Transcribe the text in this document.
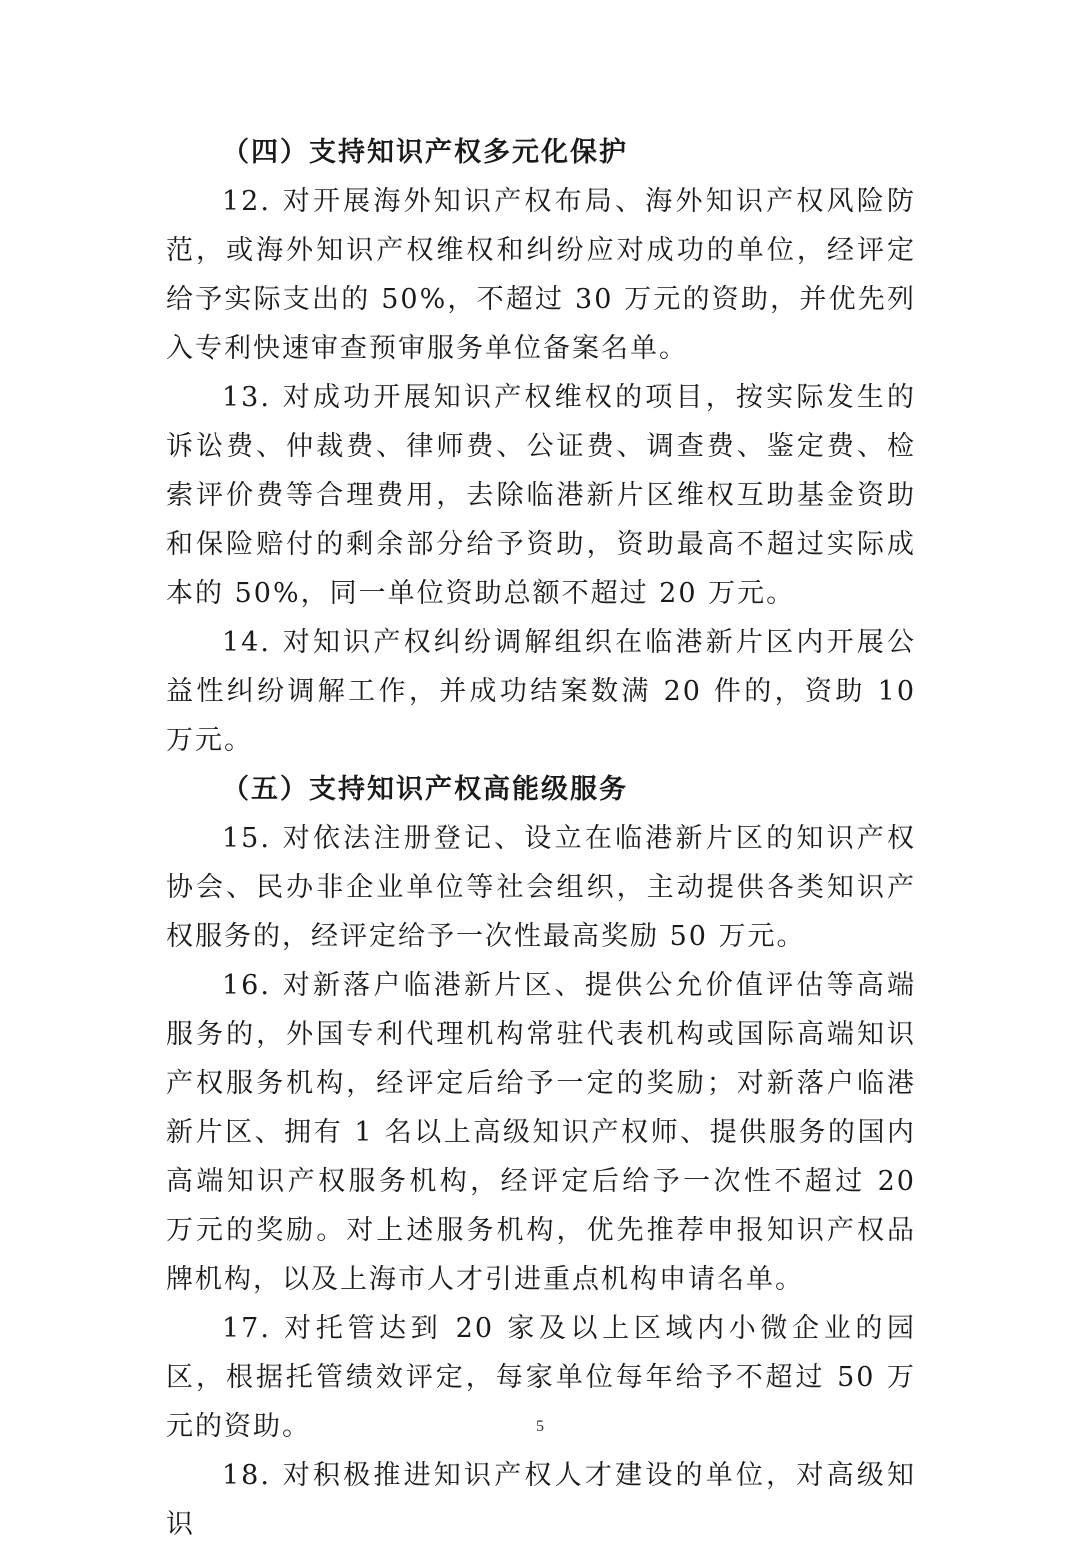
（四）支持知识产权多元化保护

12. 对开展海外知识产权布局、海外知识产权风险防范，或海外知识产权维权和纠纷应对成功的单位，经评定给予实际支出的 50%，不超过 30 万元的资助，并优先列入专利快速审查预审服务单位备案名单。

13. 对成功开展知识产权维权的项目，按实际发生的诉讼费、仲裁费、律师费、公证费、调查费、鉴定费、检索评价费等合理费用，去除临港新片区维权互助基金资助和保险赔付的剩余部分给予资助，资助最高不超过实际成本的 50%，同一单位资助总额不超过 20 万元。

14. 对知识产权纠纷调解组织在临港新片区内开展公益性纠纷调解工作，并成功结案数满 20 件的，资助 10 万元。

（五）支持知识产权高能级服务

15. 对依法注册登记、设立在临港新片区的知识产权协会、民办非企业单位等社会组织，主动提供各类知识产权服务的，经评定给予一次性最高奖励 50 万元。

16. 对新落户临港新片区、提供公允价值评估等高端服务的，外国专利代理机构常驻代表机构或国际高端知识产权服务机构，经评定后给予一定的奖励；对新落户临港新片区、拥有 1 名以上高级知识产权师、提供服务的国内高端知识产权服务机构，经评定后给予一次性不超过 20 万元的奖励。对上述服务机构，优先推荐申报知识产权品牌机构，以及上海市人才引进重点机构申请名单。

17. 对托管达到 20 家及以上区域内小微企业的园区，根据托管绩效评定，每家单位每年给予不超过 50 万元的资助。

18. 对积极推进知识产权人才建设的单位，对高级知识

5
